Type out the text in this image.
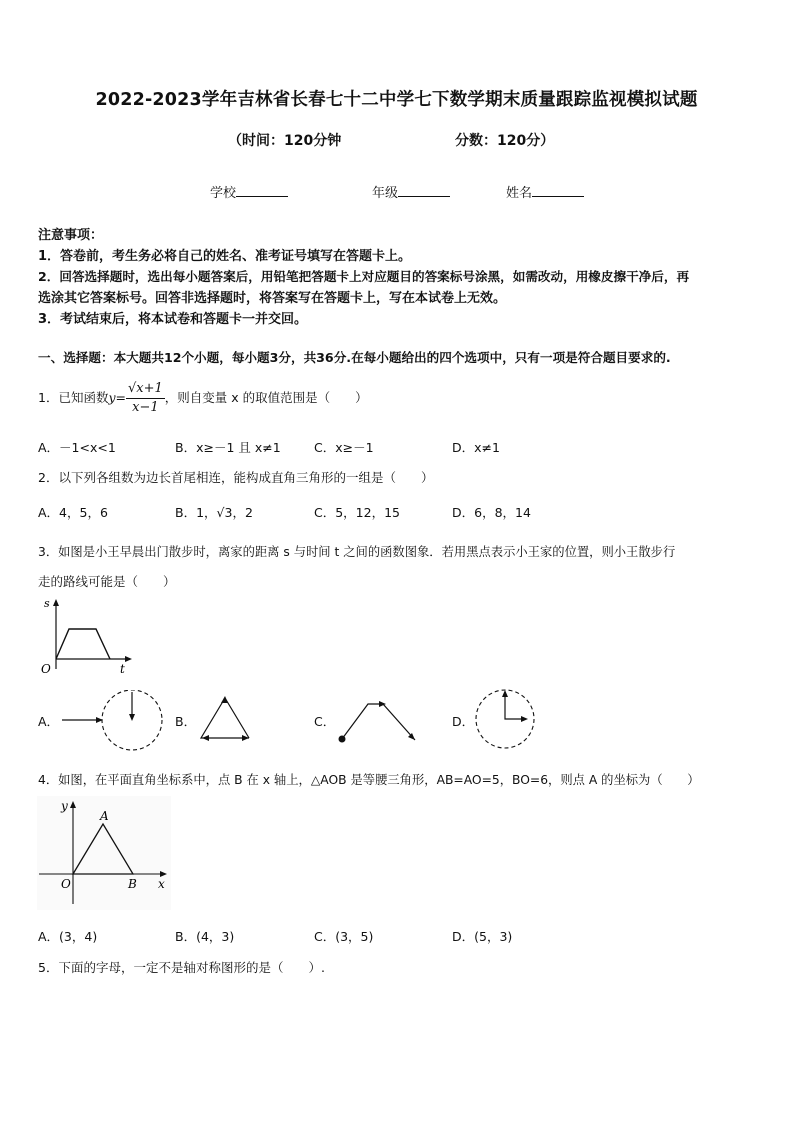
2022-2023学年吉林省长春七十二中学七下数学期末质量跟踪监视模拟试题
（时间：120分钟	分数：120分）
学校	年级	姓名
注意事项：
1．答卷前，考生务必将自己的姓名、准考证号填写在答题卡上。
2．回答选择题时，选出每小题答案后，用铅笔把答题卡上对应题目的答案标号涂黑，如需改动，用橡皮擦干净后，再
选涂其它答案标号。回答非选择题时，将答案写在答题卡上，写在本试卷上无效。
3．考试结束后，将本试卷和答题卡一并交回。
一、选择题：本大题共12个小题，每小题3分，共36分.在每小题给出的四个选项中，只有一项是符合题目要求的.
1．已知函数$y= \frac{√x+1}{x-1}$ ，则自变量 x 的取值范围是（　　）
A．－1<x<1	B．x≥－1 且 x≠1	C．x≥－1	D．x≠1
2．以下列各组数为边长首尾相连，能构成直角三角形的一组是（　　）
A．4，5，6	B．1，√3，2	C．5，12，15	D．6，8，14
3．如图是小王早晨出门散步时，离家的距离 s 与时间 t 之间的函数图象．若用黑点表示小王家的位置，则小王散步行
走的路线可能是（　　）
s
O	t
A．	B．	C．	D．
4．如图，在平面直角坐标系中，点 B 在 x 轴上，△AOB 是等腰三角形，AB=AO=5，BO=6，则点 A 的坐标为（　　）
y
A
O	B x
A．(3，4)	B．(4，3)	C．(3，5)	D．(5，3)
5．下面的字母，一定不是轴对称图形的是（　　）.
